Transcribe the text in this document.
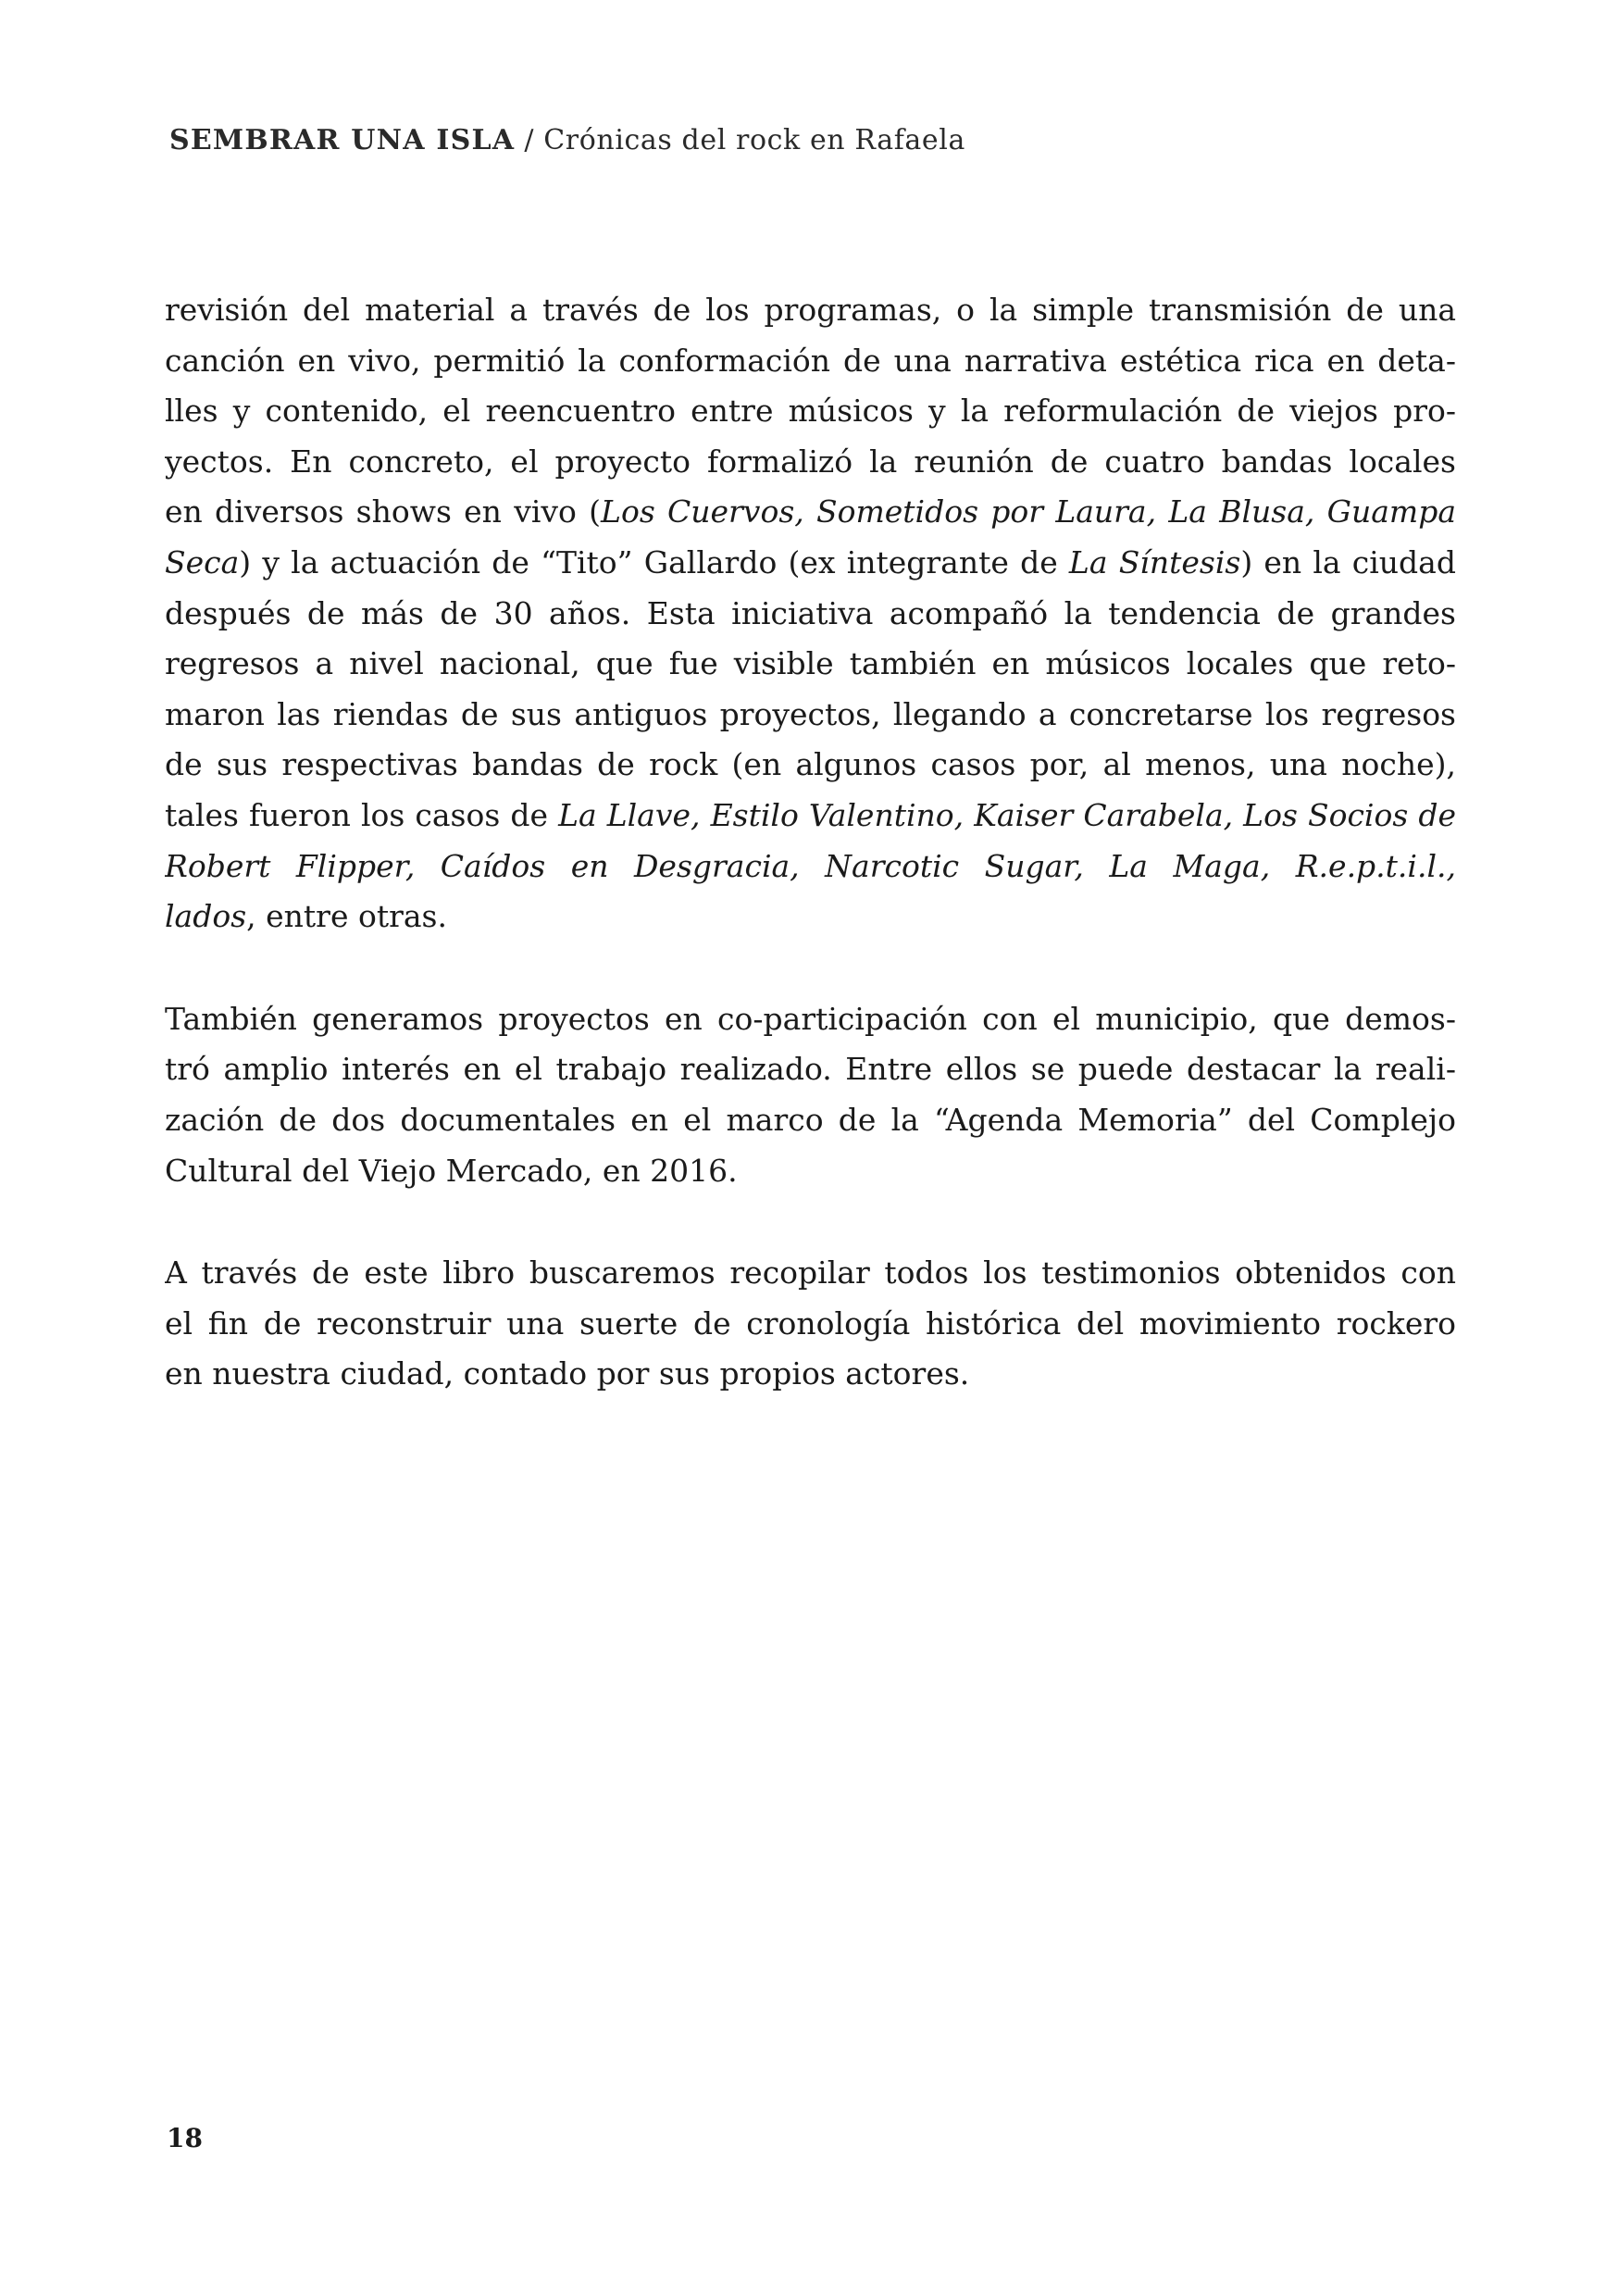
SEMBRAR UNA ISLA / Crónicas del rock en Rafaela
revisión del material a través de los programas, o la simple transmisión de una
canción en vivo, permitió la conformación de una narrativa estética rica en deta-
lles y contenido, el reencuentro entre músicos y la reformulación de viejos pro-
yectos. En concreto, el proyecto formalizó la reunión de cuatro bandas locales
en diversos shows en vivo (Los Cuervos, Sometidos por Laura, La Blusa, Guampa
Seca) y la actuación de “Tito” Gallardo (ex integrante de La Síntesis) en la ciudad
después de más de 30 años. Esta iniciativa acompañó la tendencia de grandes
regresos a nivel nacional, que fue visible también en músicos locales que reto-
maron las riendas de sus antiguos proyectos, llegando a concretarse los regresos
de sus respectivas bandas de rock (en algunos casos por, al menos, una noche),
tales fueron los casos de La Llave, Estilo Valentino, Kaiser Carabela, Los Socios de
Robert Flipper, Caídos en Desgracia, Narcotic Sugar, La Maga, R.e.p.t.i.l.,
lados, entre otras.
También generamos proyectos en co-participación con el municipio, que demos-
tró amplio interés en el trabajo realizado. Entre ellos se puede destacar la reali-
zación de dos documentales en el marco de la “Agenda Memoria” del Complejo
Cultural del Viejo Mercado, en 2016.
A través de este libro buscaremos recopilar todos los testimonios obtenidos con
el fin de reconstruir una suerte de cronología histórica del movimiento rockero
en nuestra ciudad, contado por sus propios actores.
18
